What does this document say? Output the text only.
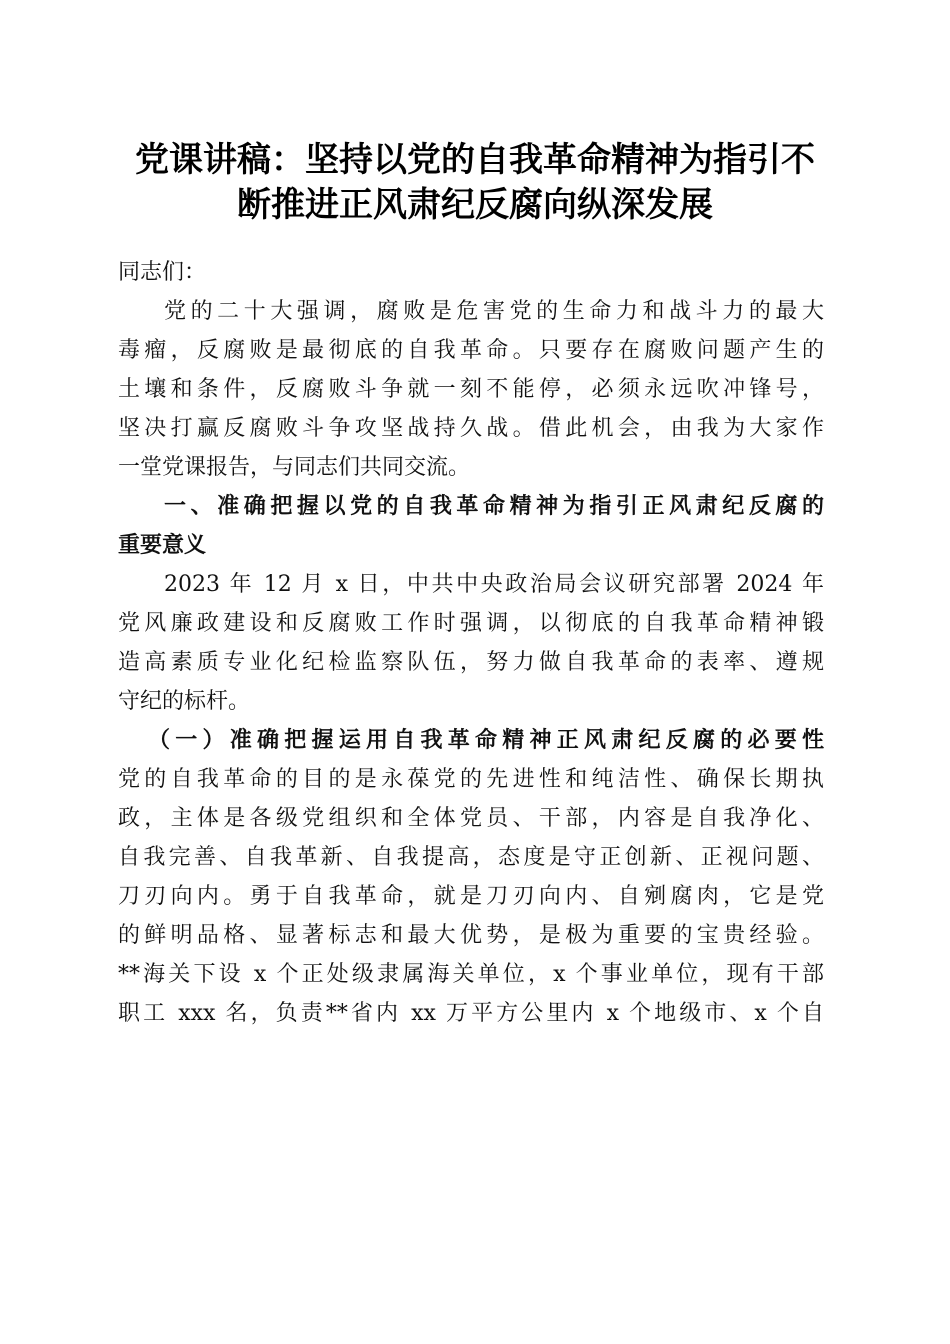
党课讲稿：坚持以党的自我革命精神为指引不
断推进正风肃纪反腐向纵深发展
同志们：
党的二十大强调，腐败是危害党的生命力和战斗力的最大
毒瘤，反腐败是最彻底的自我革命。只要存在腐败问题产生的
土壤和条件，反腐败斗争就一刻不能停，必须永远吹冲锋号，
坚决打赢反腐败斗争攻坚战持久战。借此机会，由我为大家作
一堂党课报告，与同志们共同交流。
一、准确把握以党的自我革命精神为指引正风肃纪反腐的
重要意义
2023 年 12 月 x 日，中共中央政治局会议研究部署 2024 年
党风廉政建设和反腐败工作时强调，以彻底的自我革命精神锻
造高素质专业化纪检监察队伍，努力做自我革命的表率、遵规
守纪的标杆。
（一）准确把握运用自我革命精神正风肃纪反腐的必要性
党的自我革命的目的是永葆党的先进性和纯洁性、确保长期执
政，主体是各级党组织和全体党员、干部，内容是自我净化、
自我完善、自我革新、自我提高，态度是守正创新、正视问题、
刀刃向内。勇于自我革命，就是刀刃向内、自剜腐肉，它是党
的鲜明品格、显著标志和最大优势，是极为重要的宝贵经验。
**海关下设 x 个正处级隶属海关单位，x 个事业单位，现有干部
职工 xxx 名，负责**省内 xx 万平方公里内 x 个地级市、x 个自
